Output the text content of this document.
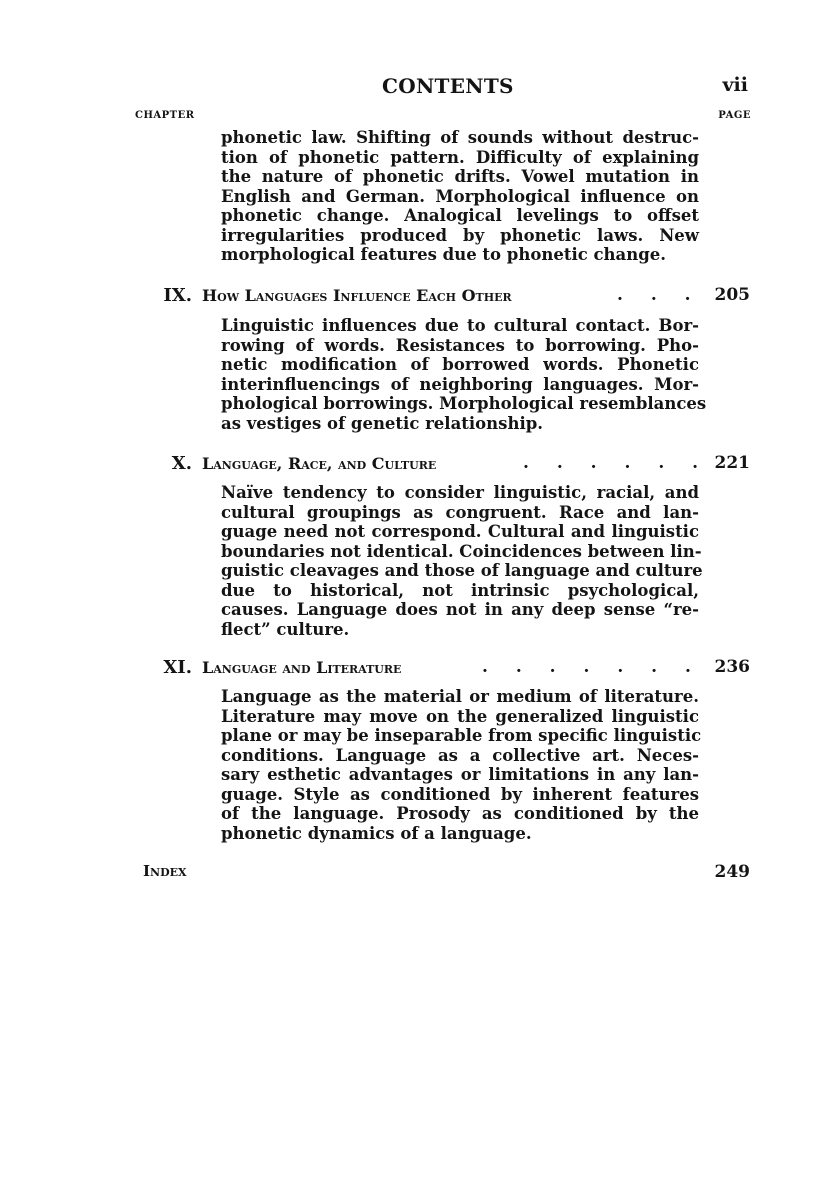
CONTENTS	vii
CHAPTER	PAGE
phonetic law. Shifting of sounds without destruc-
tion of phonetic pattern. Difficulty of explaining
the nature of phonetic drifts. Vowel mutation in
English and German. Morphological influence on
phonetic change. Analogical levelings to offset
irregularities produced by phonetic laws. New
morphological features due to phonetic change.
IX. How Languages Influence Each Other	. . . 205
Linguistic influences due to cultural contact. Bor-
rowing of words. Resistances to borrowing. Pho-
netic modification of borrowed words. Phonetic
interinfluencings of neighboring languages. Mor-
phological borrowings. Morphological resemblances
as vestiges of genetic relationship.
X. Language, Race, and Culture	. . . . . . 221
Naïve tendency to consider linguistic, racial, and
cultural groupings as congruent. Race and lan-
guage need not correspond. Cultural and linguistic
boundaries not identical. Coincidences between lin-
guistic cleavages and those of language and culture
due to historical, not intrinsic psychological,
causes. Language does not in any deep sense “re-
flect” culture.
XI. Language and Literature	. . . . . . . 236
Language as the material or medium of literature.
Literature may move on the generalized linguistic
plane or may be inseparable from specific linguistic
conditions. Language as a collective art. Neces-
sary esthetic advantages or limitations in any lan-
guage. Style as conditioned by inherent features
of the language. Prosody as conditioned by the
phonetic dynamics of a language.
Index	249
